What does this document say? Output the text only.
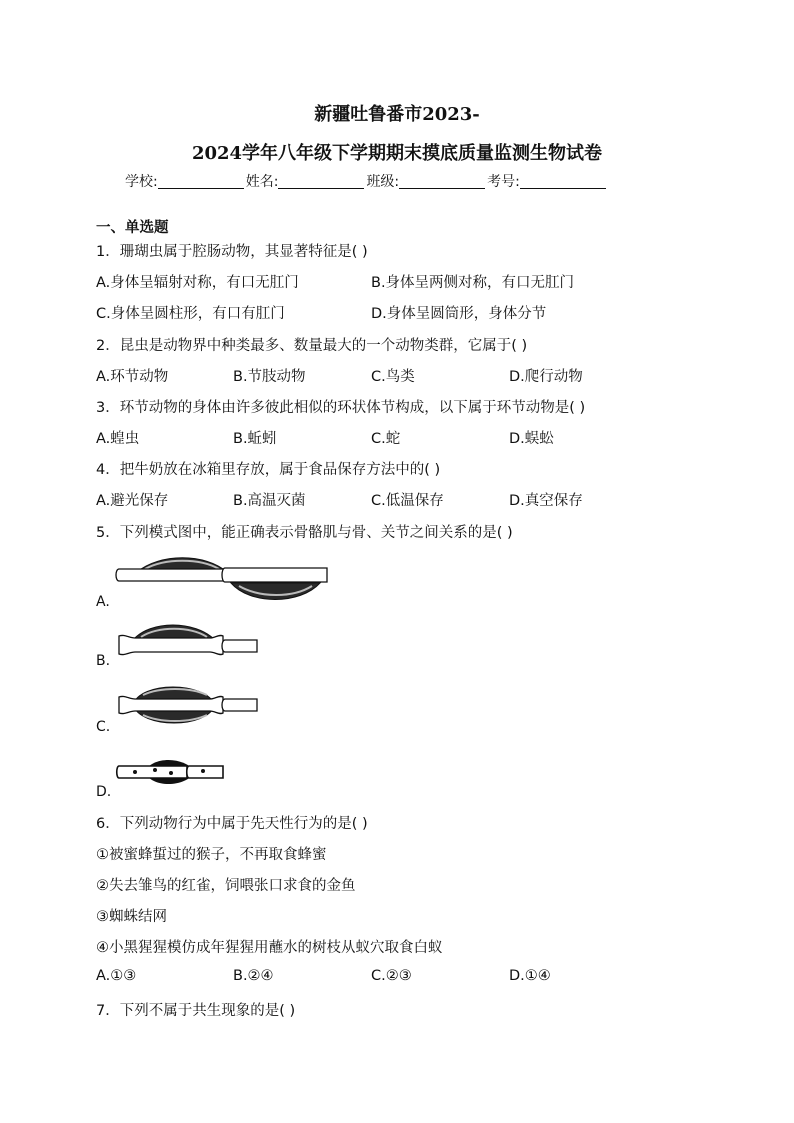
新疆吐鲁番市2023-
2024学年八年级下学期期末摸底质量监测生物试卷
学校:	姓名:	班级:	考号:
一、单选题
1．珊瑚虫属于腔肠动物，其显著特征是( )
A.身体呈辐射对称，有口无肛门	B.身体呈两侧对称，有口无肛门
C.身体呈圆柱形，有口有肛门	D.身体呈圆筒形，身体分节
2．昆虫是动物界中种类最多、数量最大的一个动物类群，它属于( )
A.环节动物	B.节肢动物	C.鸟类	D.爬行动物
3．环节动物的身体由许多彼此相似的环状体节构成，以下属于环节动物是( )
A.蝗虫	B.蚯蚓	C.蛇	D.蜈蚣
4．把牛奶放在冰箱里存放，属于食品保存方法中的( )
A.避光保存	B.高温灭菌	C.低温保存	D.真空保存
5．下列模式图中，能正确表示骨骼肌与骨、关节之间关系的是( )
A.
B.
C.
D.
6．下列动物行为中属于先天性行为的是( )
①被蜜蜂蜇过的猴子，不再取食蜂蜜
②失去雏鸟的红雀，饲喂张口求食的金鱼
③蜘蛛结网
④小黑猩猩模仿成年猩猩用蘸水的树枝从蚁穴取食白蚁
A.①③	B.②④	C.②③	D.①④
7．下列不属于共生现象的是( )
